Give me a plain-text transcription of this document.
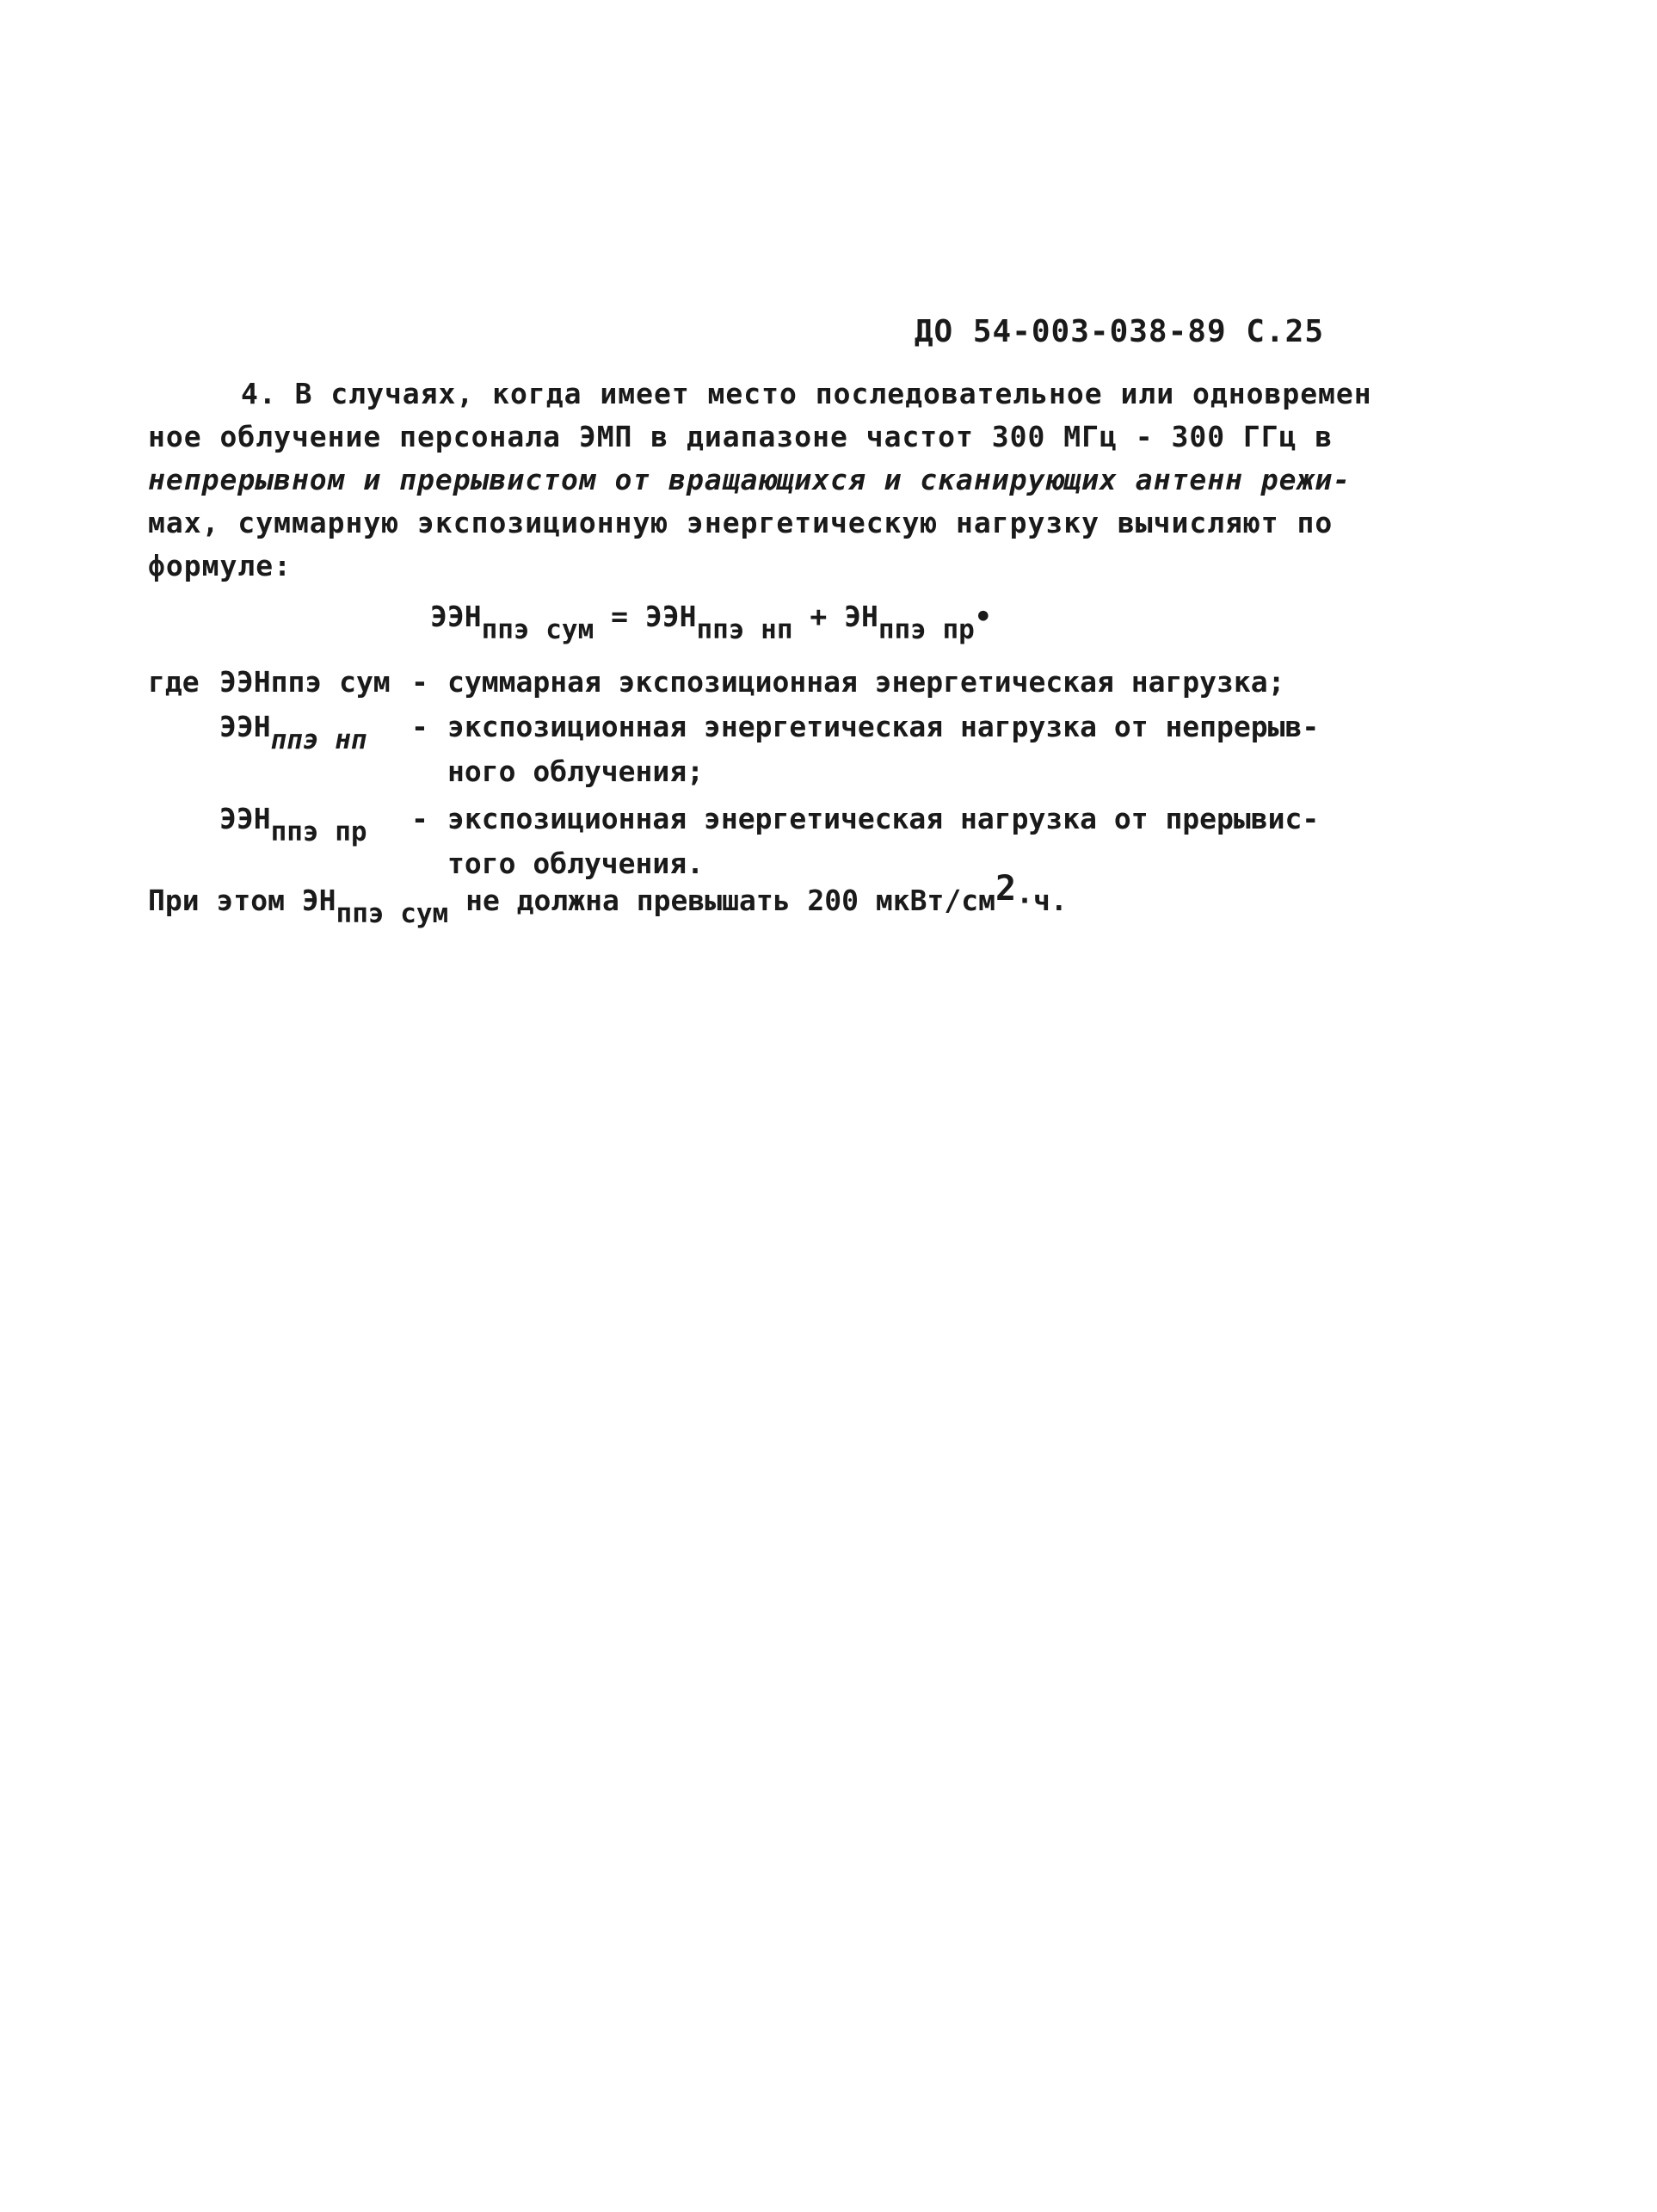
ДО 54-003-038-89 С.25
4. В случаях, когда имеет место последовательное или одновремен
ное облучение персонала ЭМП в диапазоне частот 300 МГц - 300 ГГц в
непрерывном и прерывистом от вращающихся и сканирующих антенн режи-
мах, суммарную экспозиционную энергетическую нагрузку вычисляют по
формуле:
ЭЭНппэ сум = ЭЭНппэ нп + ЭНппэ пр•
где ЭЭНппэ сум - суммарная экспозиционная энергетическая нагрузка;
ЭЭНппэ нп - экспозиционная энергетическая нагрузка от непрерыв-
ного облучения;
ЭЭНппэ пр - экспозиционная энергетическая нагрузка от прерывис-
того облучения.
При этом ЭНппэ сум не должна превышать 200 мкВт/см2·ч.
